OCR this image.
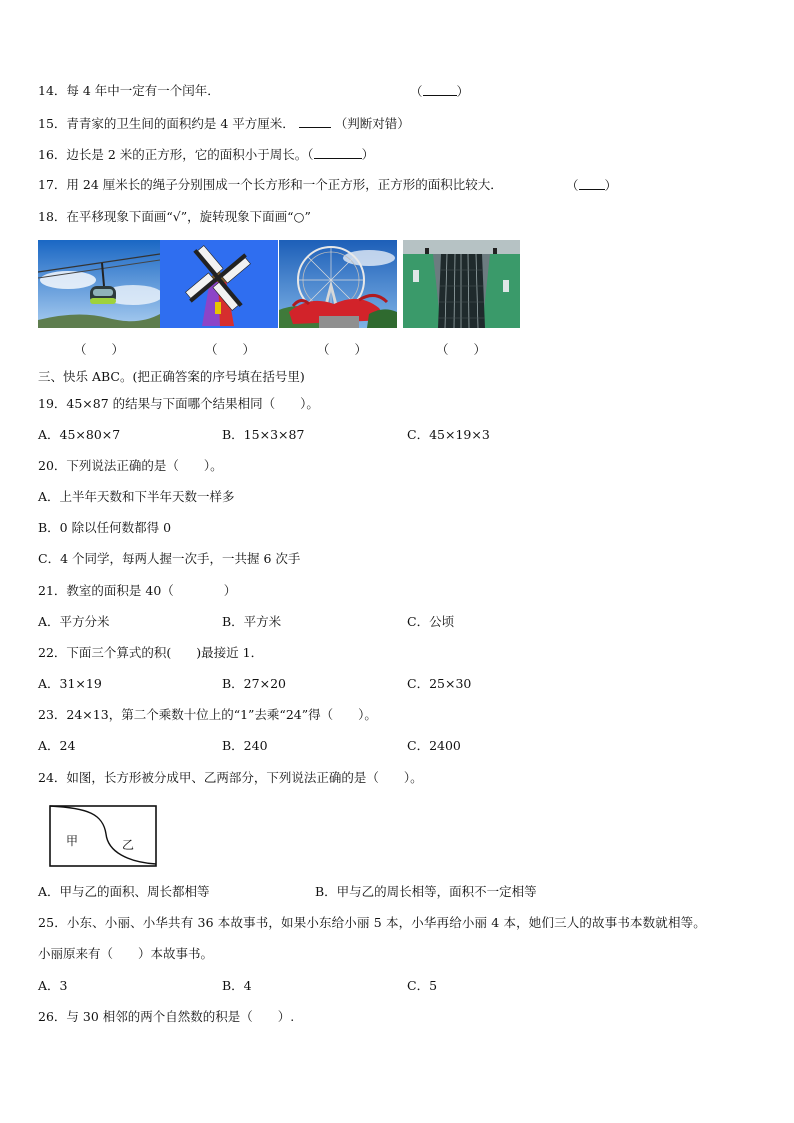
14．每 4 年中一定有一个闰年．	（	）
15．青青家的卫生间的面积约是 4 平方厘米．	（判断对错）
16．边长是 2 米的正方形，它的面积小于周长。（	）
17．用 24 厘米长的绳子分别围成一个长方形和一个正方形，正方形的面积比较大．	（ ）
18．在平移现象下面画“√”，旋转现象下面画“○”
（　　）	（　　）	（　　）	（　　）
三、快乐 ABC。(把正确答案的序号填在括号里)
19．45×87 的结果与下面哪个结果相同（　　）。
A．45×80×7	B．15×3×87	C．45×19×3
20．下列说法正确的是（　　）。
A．上半年天数和下半年天数一样多
B．0 除以任何数都得 0
C．4 个同学，每两人握一次手，一共握 6 次手
21．教室的面积是 40（　　　　）
A．平方分米	B．平方米	C．公顷
22．下面三个算式的积(　　)最接近 1．
A．31×19	B．27×20	C．25×30
23．24×13，第二个乘数十位上的“1”去乘“24”得（　　）。
A．24	B．240	C．2400
24．如图，长方形被分成甲、乙两部分，下列说法正确的是（　　）。
甲	乙
A．甲与乙的面积、周长都相等	B．甲与乙的周长相等，面积不一定相等
25．小东、小丽、小华共有 36 本故事书，如果小东给小丽 5 本，小华再给小丽 4 本，她们三人的故事书本数就相等。
小丽原来有（　　）本故事书。
A．3	B．4	C．5
26．与 30 相邻的两个自然数的积是（　　）.
